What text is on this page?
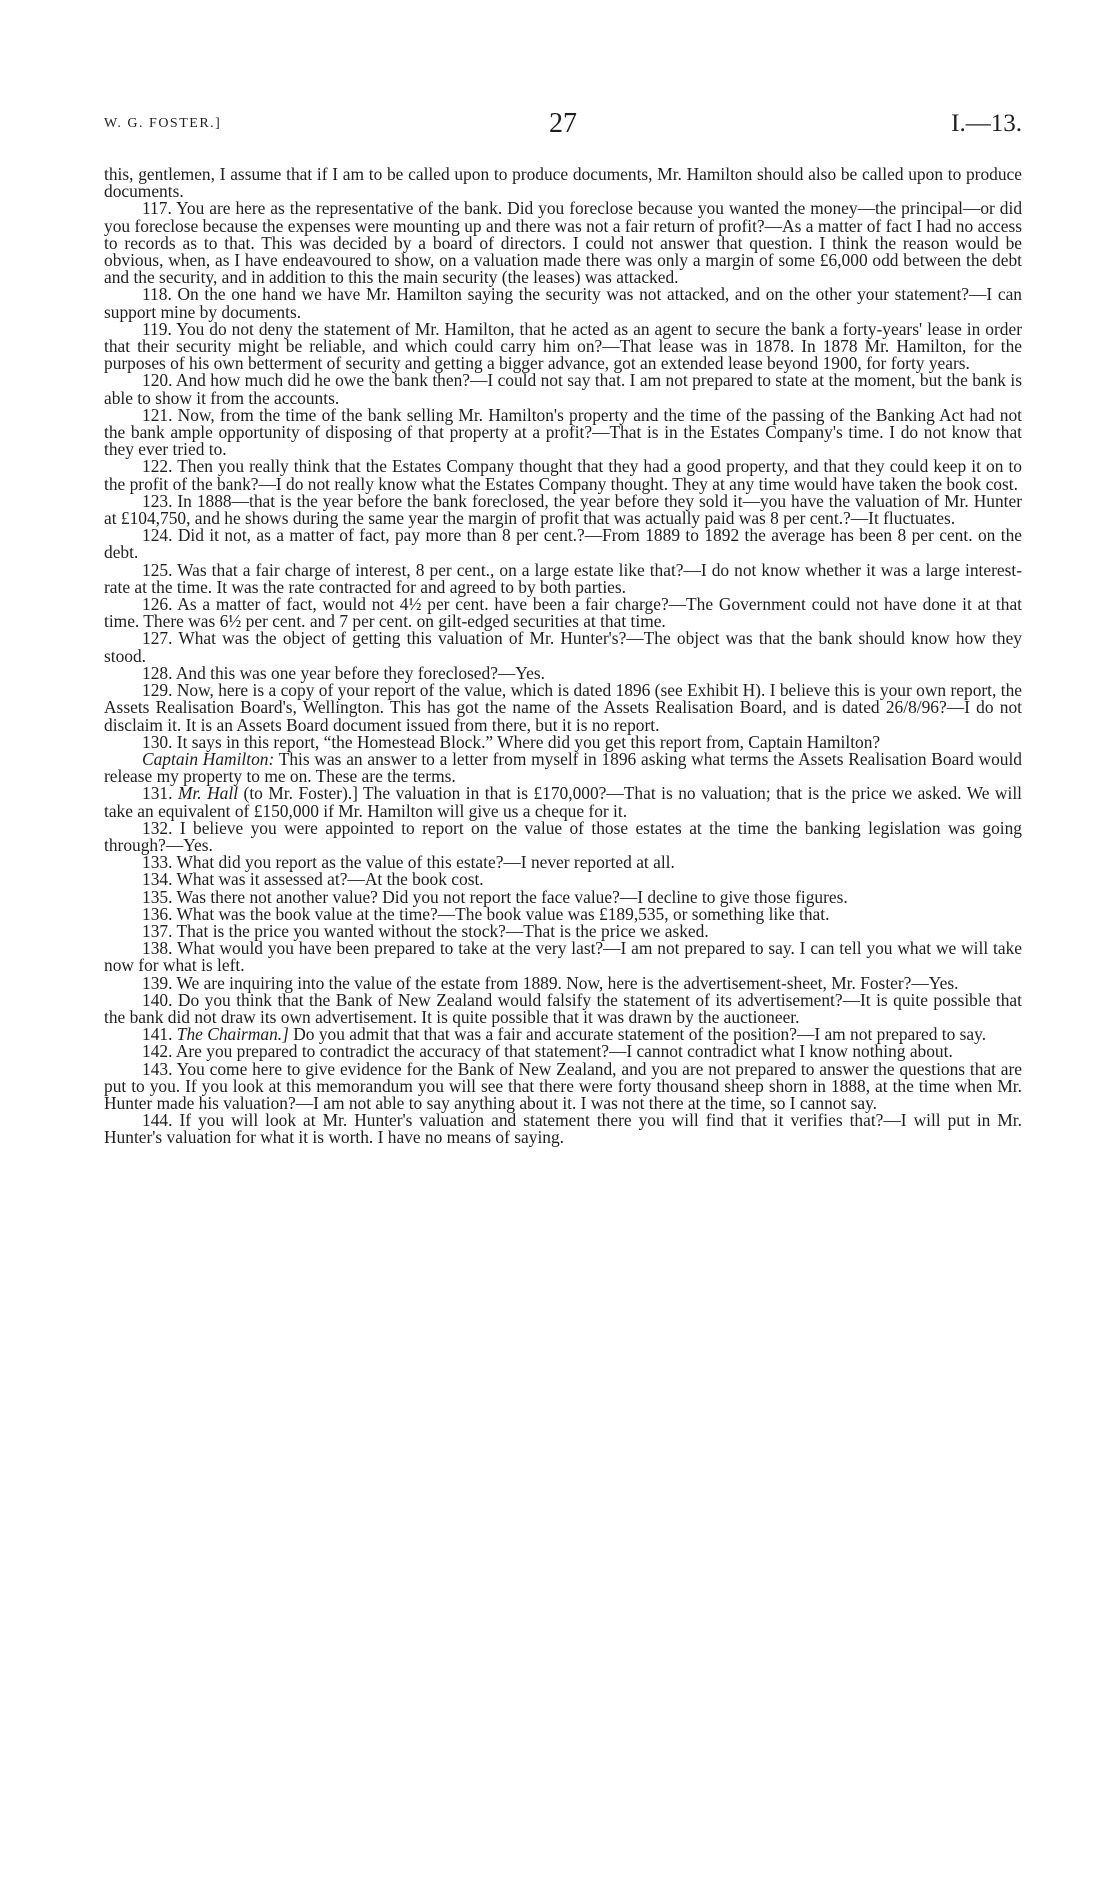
W. G. FOSTER.]	27	I.—13.

this, gentlemen, I assume that if I am to be called upon to produce documents, Mr. Hamilton should also be called upon to produce documents.

117. You are here as the representative of the bank. Did you foreclose because you wanted the money—the principal—or did you foreclose because the expenses were mounting up and there was not a fair return of profit?—As a matter of fact I had no access to records as to that. This was decided by a board of directors. I could not answer that question. I think the reason would be obvious, when, as I have endeavoured to show, on a valuation made there was only a margin of some £6,000 odd between the debt and the security, and in addition to this the main security (the leases) was attacked.

118. On the one hand we have Mr. Hamilton saying the security was not attacked, and on the other your statement?—I can support mine by documents.

119. You do not deny the statement of Mr. Hamilton, that he acted as an agent to secure the bank a forty-years' lease in order that their security might be reliable, and which could carry him on?—That lease was in 1878. In 1878 Mr. Hamilton, for the purposes of his own betterment of security and getting a bigger advance, got an extended lease beyond 1900, for forty years.

120. And how much did he owe the bank then?—I could not say that. I am not prepared to state at the moment, but the bank is able to show it from the accounts.

121. Now, from the time of the bank selling Mr. Hamilton's property and the time of the passing of the Banking Act had not the bank ample opportunity of disposing of that property at a profit?—That is in the Estates Company's time. I do not know that they ever tried to.

122. Then you really think that the Estates Company thought that they had a good property, and that they could keep it on to the profit of the bank?—I do not really know what the Estates Company thought. They at any time would have taken the book cost.

123. In 1888—that is the year before the bank foreclosed, the year before they sold it—you have the valuation of Mr. Hunter at £104,750, and he shows during the same year the margin of profit that was actually paid was 8 per cent.?—It fluctuates.

124. Did it not, as a matter of fact, pay more than 8 per cent.?—From 1889 to 1892 the average has been 8 per cent. on the debt.

125. Was that a fair charge of interest, 8 per cent., on a large estate like that?—I do not know whether it was a large interest-rate at the time. It was the rate contracted for and agreed to by both parties.

126. As a matter of fact, would not 4½ per cent. have been a fair charge?—The Government could not have done it at that time. There was 6½ per cent. and 7 per cent. on gilt-edged securities at that time.

127. What was the object of getting this valuation of Mr. Hunter's?—The object was that the bank should know how they stood.

128. And this was one year before they foreclosed?—Yes.

129. Now, here is a copy of your report of the value, which is dated 1896 (see Exhibit H). I believe this is your own report, the Assets Realisation Board's, Wellington. This has got the name of the Assets Realisation Board, and is dated 26/8/96?—I do not disclaim it. It is an Assets Board document issued from there, but it is no report.

130. It says in this report, “the Homestead Block.” Where did you get this report from, Captain Hamilton?

Captain Hamilton: This was an answer to a letter from myself in 1896 asking what terms the Assets Realisation Board would release my property to me on. These are the terms.

131. Mr. Hall (to Mr. Foster).] The valuation in that is £170,000?—That is no valuation; that is the price we asked. We will take an equivalent of £150,000 if Mr. Hamilton will give us a cheque for it.

132. I believe you were appointed to report on the value of those estates at the time the banking legislation was going through?—Yes.

133. What did you report as the value of this estate?—I never reported at all.

134. What was it assessed at?—At the book cost.

135. Was there not another value? Did you not report the face value?—I decline to give those figures.

136. What was the book value at the time?—The book value was £189,535, or something like that.

137. That is the price you wanted without the stock?—That is the price we asked.

138. What would you have been prepared to take at the very last?—I am not prepared to say. I can tell you what we will take now for what is left.

139. We are inquiring into the value of the estate from 1889. Now, here is the advertisement-sheet, Mr. Foster?—Yes.

140. Do you think that the Bank of New Zealand would falsify the statement of its advertisement?—It is quite possible that the bank did not draw its own advertisement. It is quite possible that it was drawn by the auctioneer.

141. The Chairman.] Do you admit that that was a fair and accurate statement of the position?—I am not prepared to say.

142. Are you prepared to contradict the accuracy of that statement?—I cannot contradict what I know nothing about.

143. You come here to give evidence for the Bank of New Zealand, and you are not prepared to answer the questions that are put to you. If you look at this memorandum you will see that there were forty thousand sheep shorn in 1888, at the time when Mr. Hunter made his valuation?—I am not able to say anything about it. I was not there at the time, so I cannot say.

144. If you will look at Mr. Hunter's valuation and statement there you will find that it verifies that?—I will put in Mr. Hunter's valuation for what it is worth. I have no means of saying.
